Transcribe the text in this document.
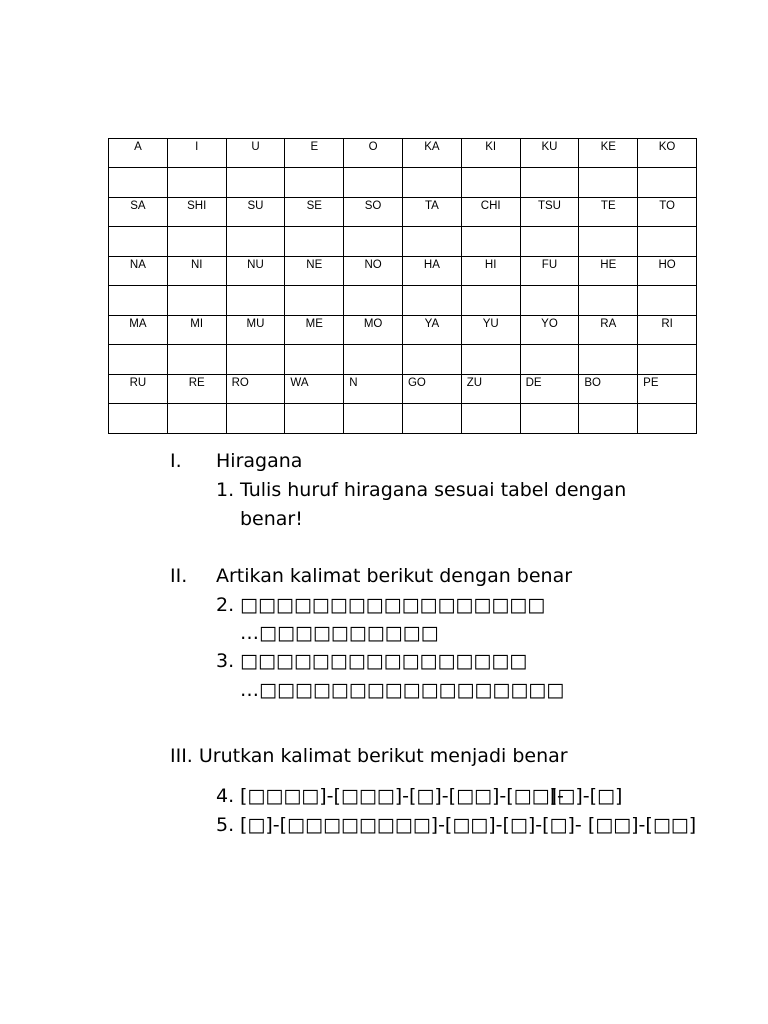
A	I	U	E	O	KA	KI	KU	KE	KO

SA	SHI	SU	SE	SO	TA	CHI	TSU	TE	TO

NA	NI	NU	NE	NO	HA	HI	FU	HE	HO

MA	MI	MU	ME	MO	YA	YU	YO	RA	RI

RU	RE	RO	WA	N	GO	ZU	DE	BO	PE

I. Hiragana
1. Tulis huruf hiragana sesuai tabel dengan
benar!
II. Artikan kalimat berikut dengan benar
2. □□□□□□□□□□□□□□□□□
…□□□□□□□□□□
3. □□□□□□□□□□□□□□□□
…□□□□□□□□□□□□□□□□□
III. Urutkan kalimat berikut menjadi benar
4. [□□□□]-[□□□]-[□]-[□□]-[□□]-
[□]-[□]
5. [□]-[□□□□□□□□]-[□□]-[□]-[□]- [□□]-[□□]
